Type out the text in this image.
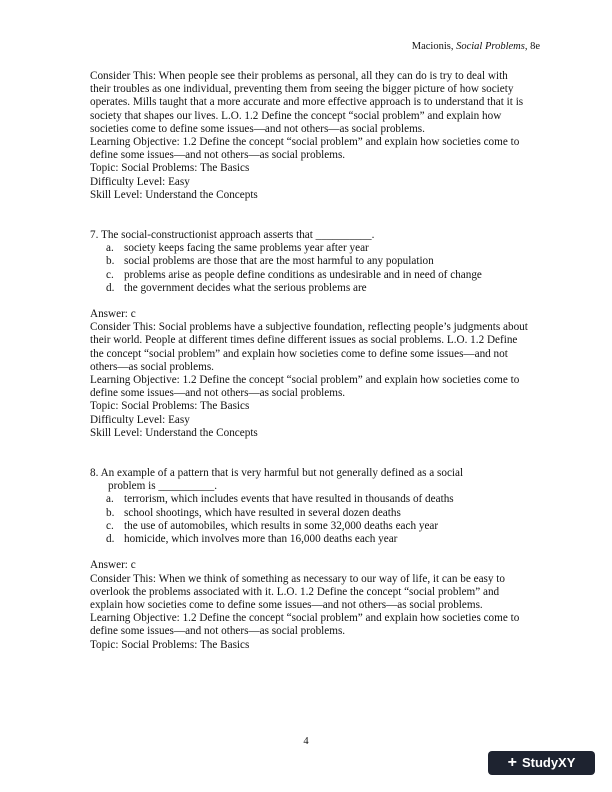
Macionis, Social Problems, 8e

Consider This: When people see their problems as personal, all they can do is try to deal with their troubles as one individual, preventing them from seeing the bigger picture of how society operates. Mills taught that a more accurate and more effective approach is to understand that it is society that shapes our lives. L.O. 1.2 Define the concept “social problem” and explain how societies come to define some issues—and not others—as social problems.

Learning Objective: 1.2 Define the concept “social problem” and explain how societies come to define some issues—and not others—as social problems.

Topic: Social Problems: The Basics

Difficulty Level: Easy

Skill Level: Understand the Concepts

7. The social-constructionist approach asserts that __________.

a. society keeps facing the same problems year after year
b. social problems are those that are the most harmful to any population
c. problems arise as people define conditions as undesirable and in need of change
d. the government decides what the serious problems are

Answer: c

Consider This: Social problems have a subjective foundation, reflecting people’s judgments about their world. People at different times define different issues as social problems. L.O. 1.2 Define the concept “social problem” and explain how societies come to define some issues—and not others—as social problems.

Learning Objective: 1.2 Define the concept “social problem” and explain how societies come to define some issues—and not others—as social problems.

Topic: Social Problems: The Basics

Difficulty Level: Easy

Skill Level: Understand the Concepts

8. An example of a pattern that is very harmful but not generally defined as a social
problem is __________.

a. terrorism, which includes events that have resulted in thousands of deaths
b. school shootings, which have resulted in several dozen deaths
c. the use of automobiles, which results in some 32,000 deaths each year
d. homicide, which involves more than 16,000 deaths each year

Answer: c

Consider This: When we think of something as necessary to our way of life, it can be easy to overlook the problems associated with it. L.O. 1.2 Define the concept “social problem” and explain how societies come to define some issues—and not others—as social problems.

Learning Objective: 1.2 Define the concept “social problem” and explain how societies come to define some issues—and not others—as social problems.

Topic: Social Problems: The Basics

4
+ StudyXY
